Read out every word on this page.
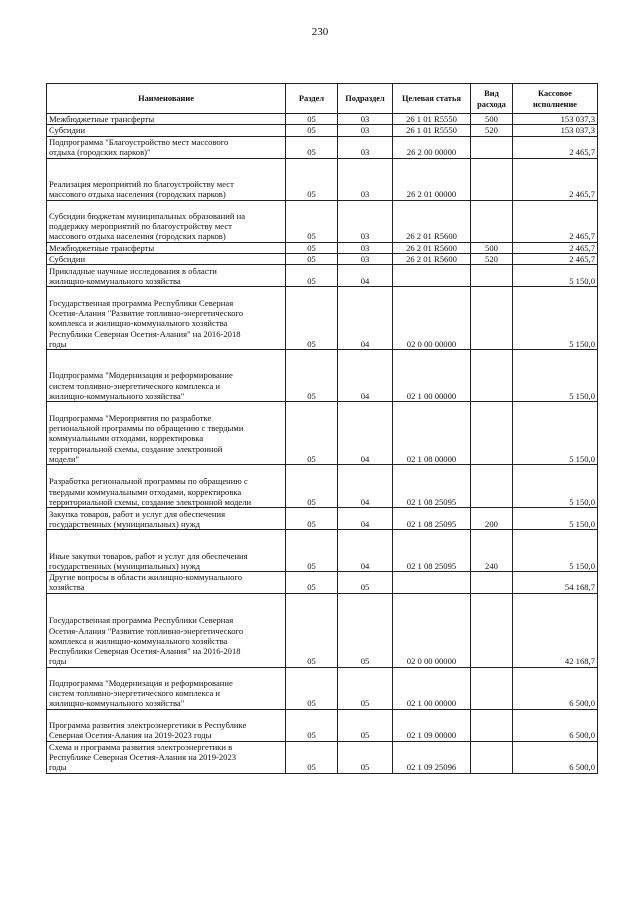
230
Наименование	Раздел	Подраздел	Целевая статья	Вид расхода	Кассовое исполнение

Межбюджетные трансферты	05	03	26 1 01 R5550	500	153 037,3

Субсидии	05	03	26 1 01 R5550	520	153 037,3

Подпрограмма "Благоустройство мест массового
отдыха (городских парков)"	05	03	26 2 00 00000		2 465,7

Реализация мероприятий по благоустройству мест
массового отдыха населения (городских парков)	05	03	26 2 01 00000		2 465,7

Субсидии бюджетам муниципальных образований на
поддержку мероприятий по благоустройству мест
массового отдыха населения (городских парков)	05	03	26 2 01 R5600		2 465,7

Межбюджетные трансферты	05	03	26 2 01 R5600	500	2 465,7

Субсидии	05	03	26 2 01 R5600	520	2 465,7

Прикладные научные исследования в области
жилищно-коммунального хозяйства	05	04			5 150,0

Государственная программа Республики Северная
Осетия-Алания "Развитие топливно-энергетического
комплекса и жилищно-коммунального хозяйства
Республики Северная Осетия-Алания" на 2016-2018
годы	05	04	02 0 00 00000		5 150,0

Подпрограмма "Модернизация и реформирование
систем топливно-энергетического комплекса и
жилищно-коммунального хозяйства"	05	04	02 1 00 00000		5 150,0

Подпрограмма "Мероприятия по разработке
региональной программы по обращению с твердыми
коммунальными отходами, корректировка
территориальной схемы, создание электронной
модели"	05	04	02 1 08 00000		5 150,0

Разработка региональной программы по обращению с
твердыми коммунальными отходами, корректировка
территориальной схемы, создание электронной модели	05	04	02 1 08 25095		5 150,0

Закупка товаров, работ и услуг для обеспечения
государственных (муниципальных) нужд	05	04	02 1 08 25095	200	5 150,0

Иные закупки товаров, работ и услуг для обеспечения
государственных (муниципальных) нужд	05	04	02 1 08 25095	240	5 150,0

Другие вопросы в области жилищно-коммунального
хозяйства	05	05			54 168,7

Государственная программа Республики Северная
Осетия-Алания "Развитие топливно-энергетического
комплекса и жилищно-коммунального хозяйства
Республики Северная Осетия-Алания" на 2016-2018
годы	05	05	02 0 00 00000		42 168,7

Подпрограмма "Модернизация и реформирование
систем топливно-энергетического комплекса и
жилищно-коммунального хозяйства"	05	05	02 1 00 00000		6 500,0

Программа развития электроэнергетики в Республике
Северная Осетия-Алания на 2019-2023 годы	05	05	02 1 09 00000		6 500,0

Схема и программа развития электроэнергетики в
Республике Северная Осетия-Алания на 2019-2023
годы	05	05	02 1 09 25096		6 500,0
